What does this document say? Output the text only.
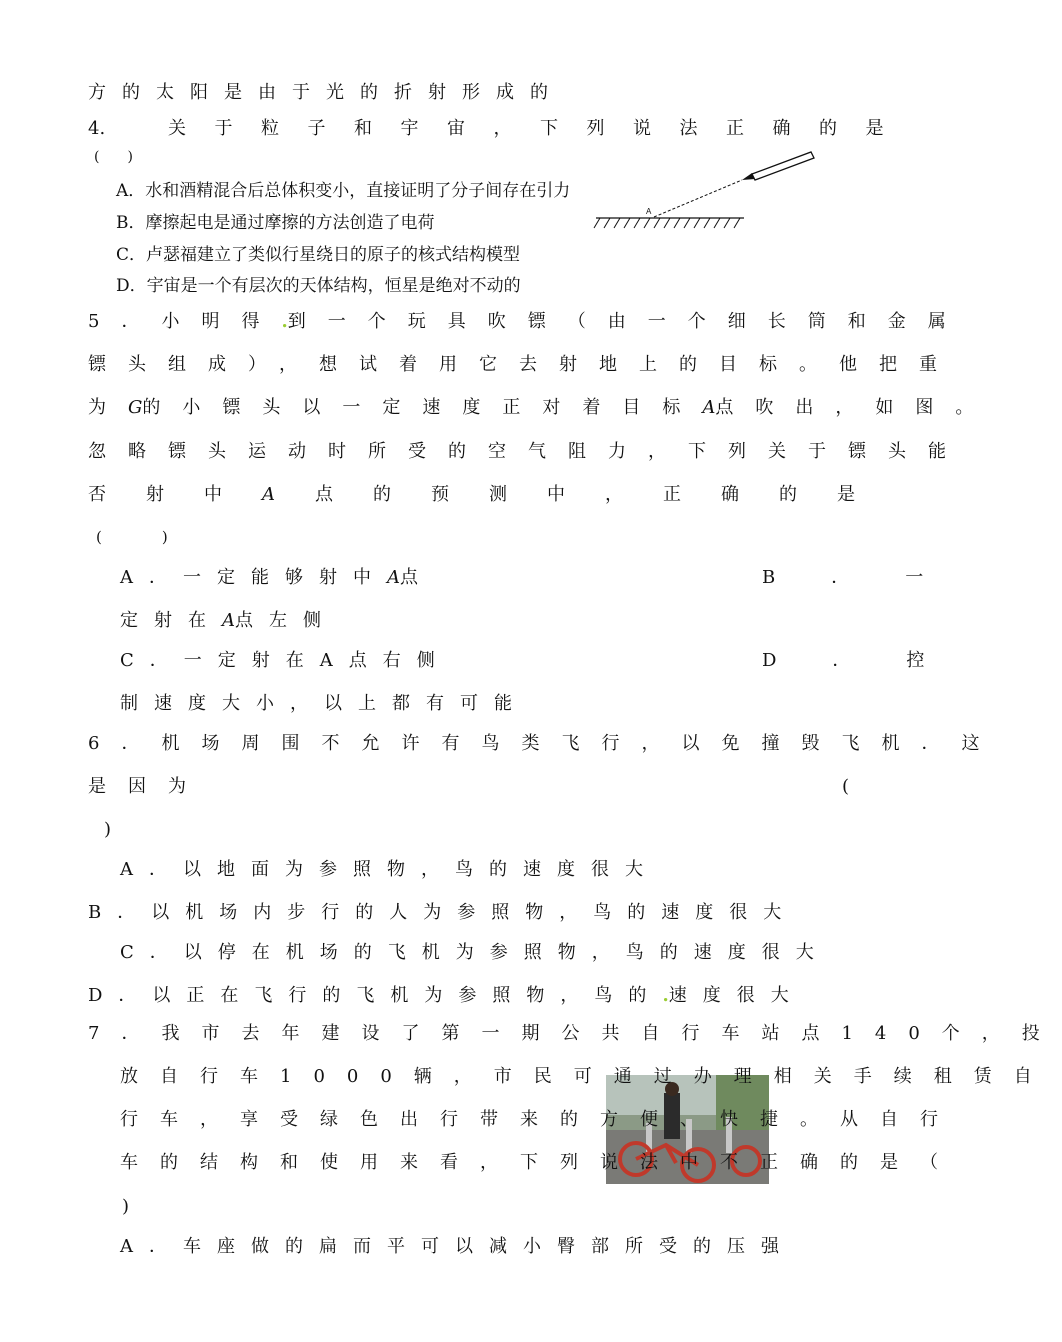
方的太阳是由于光的折射形成的
4.	关于粒子和宇宙，下列说法正确的是
(　　)
A．水和酒精混合后总体积变小，直接证明了分子间存在引力
B．摩擦起电是通过摩擦的方法创造了电荷
C．卢瑟福建立了类似行星绕日的原子的核式结构模型
D．宇宙是一个有层次的天体结构，恒星是绝对不动的
A
5．小明得.到一个玩具吹镖（由一个细长筒和金属
镖头组成），想试着用它去射地上的目标。他把重
为G的小镖头以一定速度正对着目标A点吹出，如图。
忽略镖头运动时所受的空气阻力，下列关于镖头能
否射中A 点的预测中，正确的是
(　　　　)
A．一定能够射中A点	B．一
定射在A点左侧
C．一定射在A点右侧	D．控
制速度大小，以上都有可能
6．机场周围不允许有鸟类飞行，以免撞毁飞机．这
是因为	(
)
A．以地面为参照物，鸟的速度很大
B．以机场内步行的人为参照物，鸟的速度很大
C．以停在机场的飞机为参照物，鸟的速度很大
D．以正在飞行的飞机为参照物，鸟的.速度很大
7．我市去年建设了第一期公共自行车站点140个，投
放自行车1000辆，市民可通过办理相关手续租赁自
行车，享受绿色出行带来的方便、快捷。从自行
车的结构和使用来看，下列说法中不正确的是（
)
A．车座做的扁而平可以减小臀部所受的压强
